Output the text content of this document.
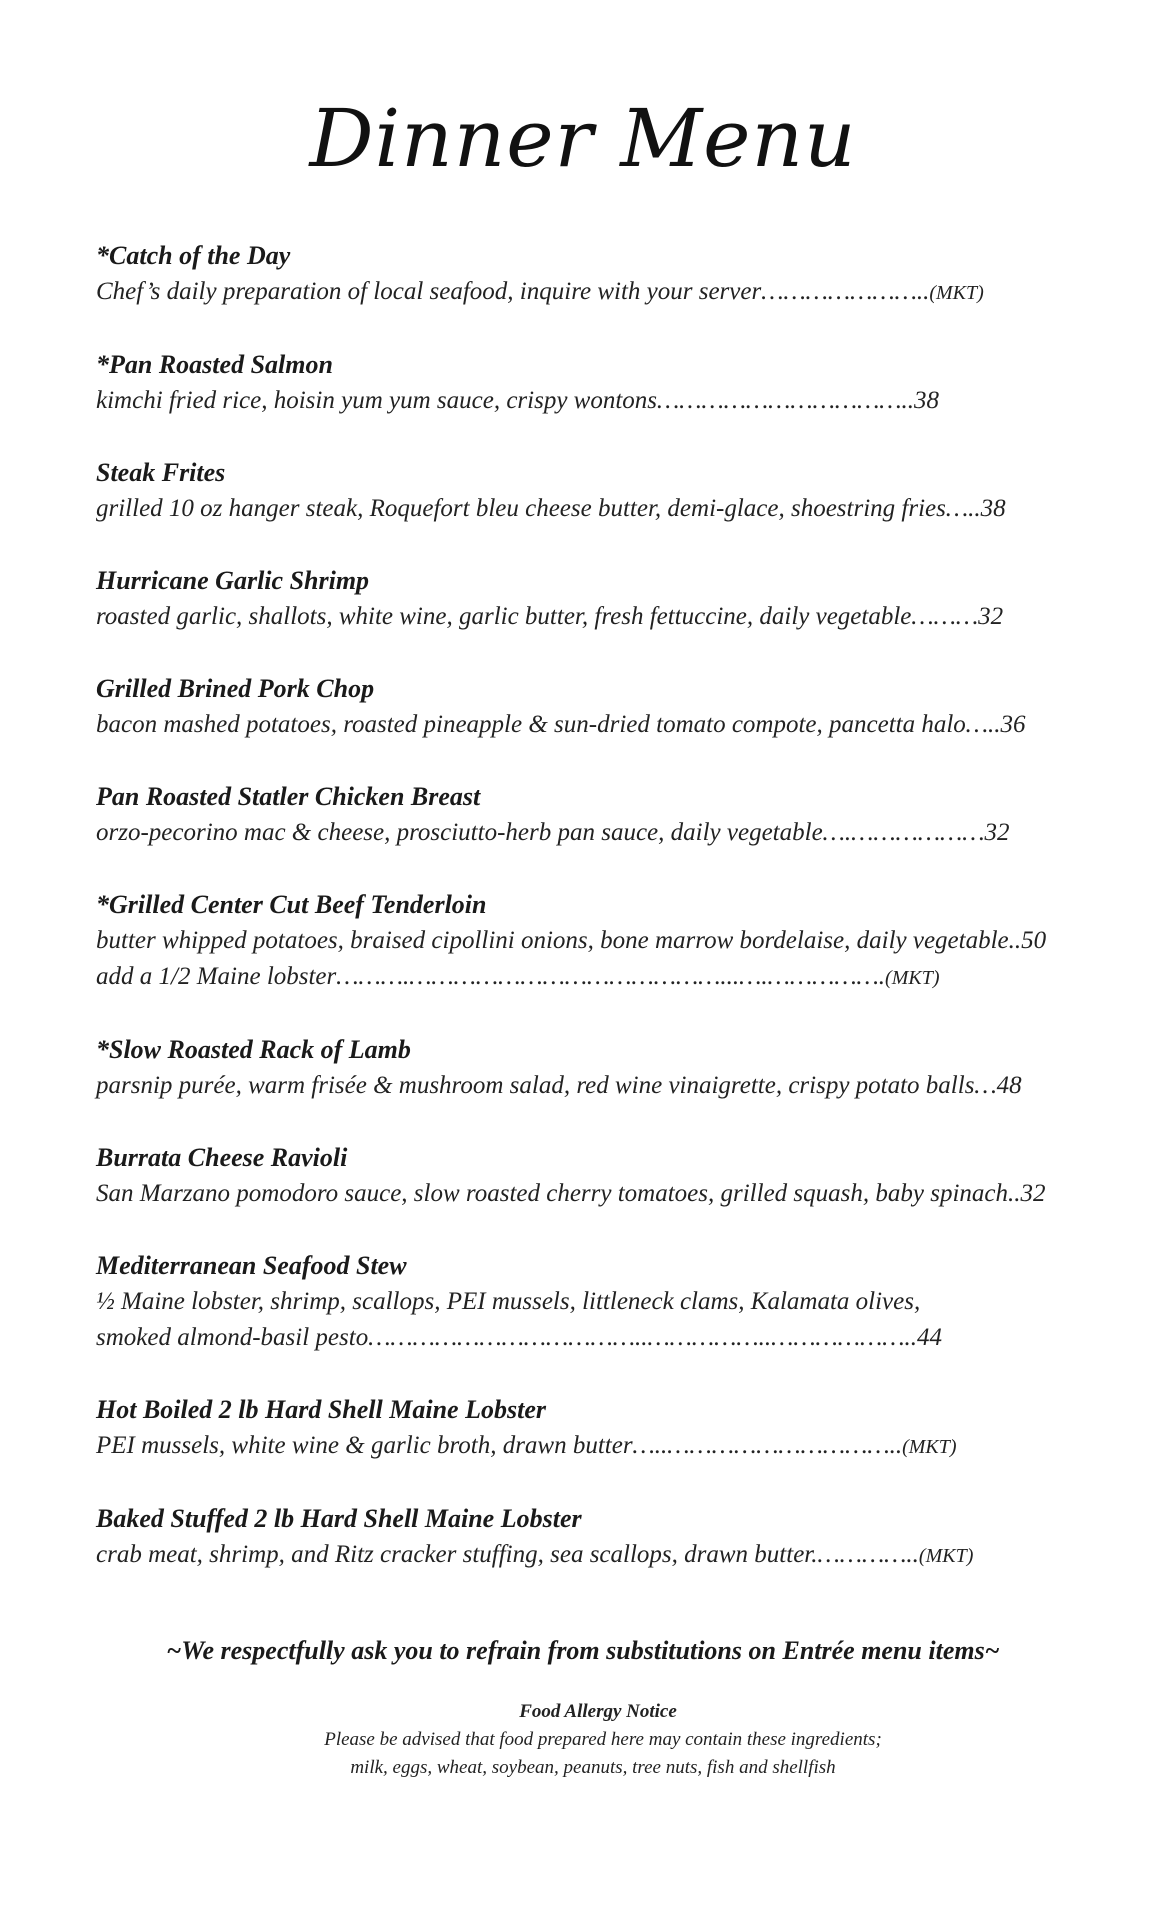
Dinner Menu

*Catch of the Day

Chef’s daily preparation of local seafood, inquire with your server…………………..(MKT)

*Pan Roasted Salmon

kimchi fried rice, hoisin yum yum sauce, crispy wontons……………………………..38

Steak Frites

grilled 10 oz hanger steak, Roquefort bleu cheese butter, demi-glace, shoestring fries…..38

Hurricane Garlic Shrimp

roasted garlic, shallots, white wine, garlic butter, fresh fettuccine, daily vegetable………32

Grilled Brined Pork Chop

bacon mashed potatoes, roasted pineapple & sun-dried tomato compote, pancetta halo…..36

Pan Roasted Statler Chicken Breast

orzo-pecorino mac & cheese, prosciutto-herb pan sauce, daily vegetable….………………32

*Grilled Center Cut Beef Tenderloin

butter whipped potatoes, braised cipollini onions, bone marrow bordelaise, daily vegetable..50

add a 1/2 Maine lobster……….……………………………………...….…………….(MKT)

*Slow Roasted Rack of Lamb

parsnip purée, warm frisée & mushroom salad, red wine vinaigrette, crispy potato balls…48

Burrata Cheese Ravioli

San Marzano pomodoro sauce, slow roasted cherry tomatoes, grilled squash, baby spinach..32

Mediterranean Seafood Stew

½ Maine lobster, shrimp, scallops, PEI mussels, littleneck clams, Kalamata olives,

smoked almond-basil pesto………………………………..……………..………………..44

Hot Boiled 2 lb Hard Shell Maine Lobster

PEI mussels, white wine & garlic broth, drawn butter…..…………………………..(MKT)

Baked Stuffed 2 lb Hard Shell Maine Lobster

crab meat, shrimp, and Ritz cracker stuffing, sea scallops, drawn butter.…………..(MKT)

~We respectfully ask you to refrain from substitutions on Entrée menu items~
Food Allergy Notice
Please be advised that food prepared here may contain these ingredients;
milk, eggs, wheat, soybean, peanuts, tree nuts, fish and shellfish
